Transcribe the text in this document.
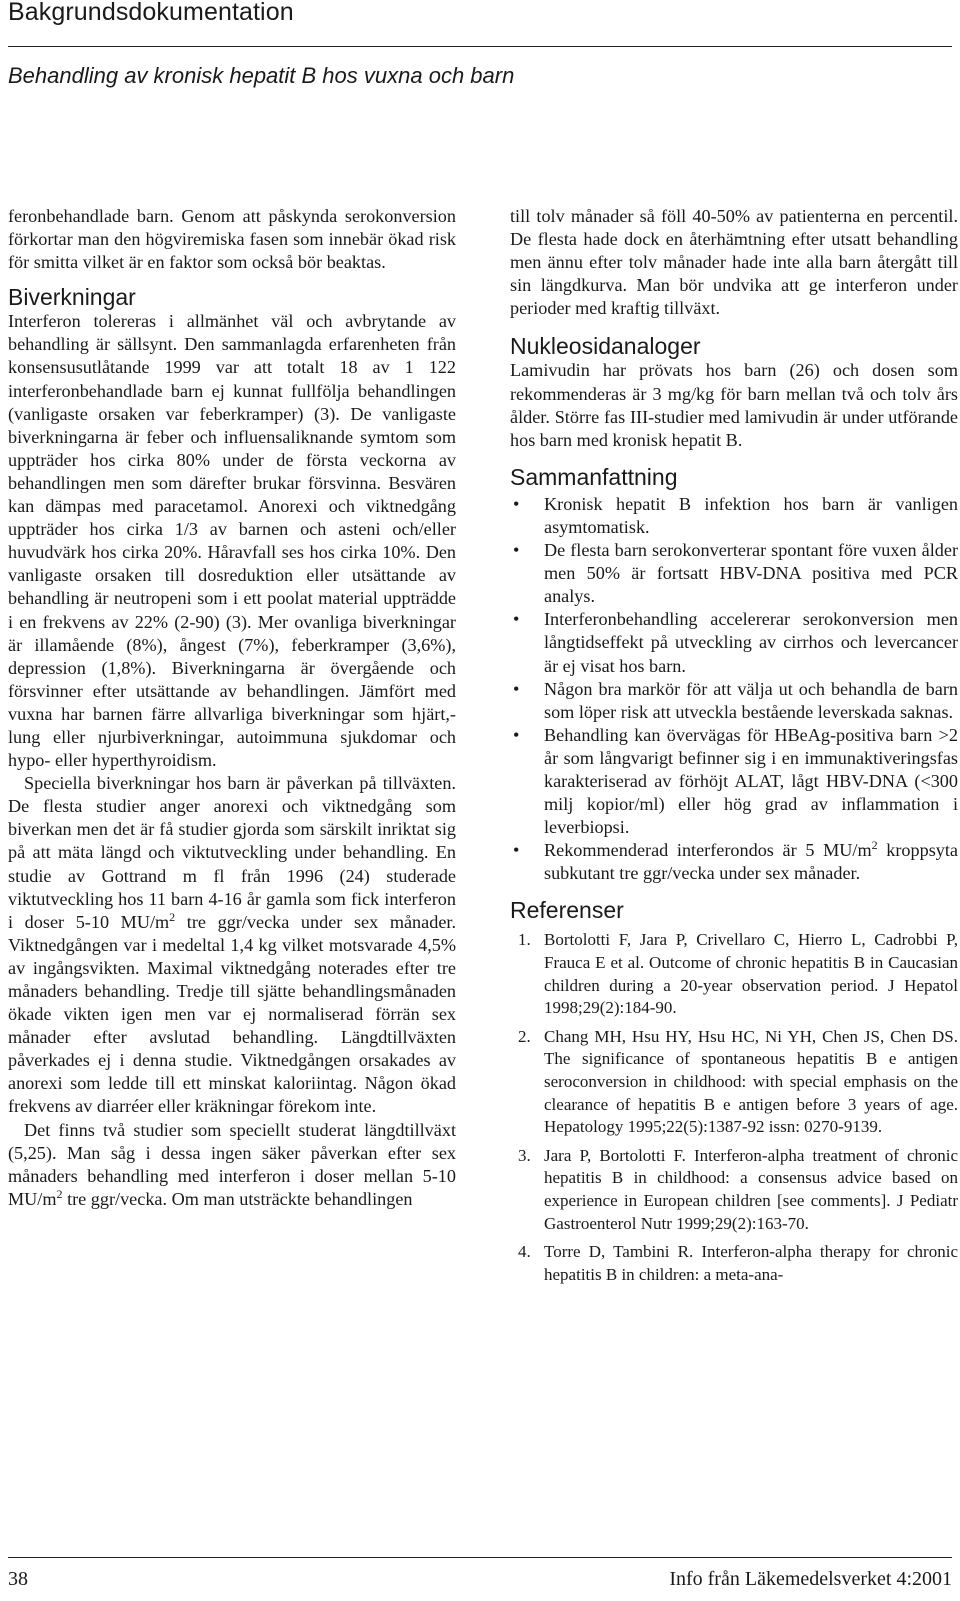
Bakgrundsdokumentation
Behandling av kronisk hepatit B hos vuxna och barn

feronbehandlade barn. Genom att påskynda serokonversion förkortar man den högviremiska fasen som innebär ökad risk för smitta vilket är en faktor som också bör beaktas.

Biverkningar

Interferon tolereras i allmänhet väl och avbrytande av behandling är sällsynt. Den sammanlagda erfarenheten från konsensusutlåtande 1999 var att totalt 18 av 1 122 interferonbehandlade barn ej kunnat fullfölja behandlingen (vanligaste orsaken var feberkramper) (3). De vanligaste biverkningarna är feber och influensaliknande symtom som uppträder hos cirka 80% under de första veckorna av behandlingen men som därefter brukar försvinna. Besvären kan dämpas med paracetamol. Anorexi och viktnedgång uppträder hos cirka 1/3 av barnen och asteni och/eller huvudvärk hos cirka 20%. Håravfall ses hos cirka 10%. Den vanligaste orsaken till dosreduktion eller utsättande av behandling är neutropeni som i ett poolat material uppträdde i en frekvens av 22% (2-90) (3). Mer ovanliga biverkningar är illamående (8%), ångest (7%), feberkramper (3,6%), depression (1,8%). Biverkningarna är övergående och försvinner efter utsättande av behandlingen. Jämfört med vuxna har barnen färre allvarliga biverkningar som hjärt,- lung eller njurbiverkningar, autoimmuna sjukdomar och hypo- eller hyperthyroidism.

Speciella biverkningar hos barn är påverkan på tillväxten. De flesta studier anger anorexi och viktnedgång som biverkan men det är få studier gjorda som särskilt inriktat sig på att mäta längd och viktutveckling under behandling. En studie av Gottrand m fl från 1996 (24) studerade viktutveckling hos 11 barn 4-16 år gamla som fick interferon i doser 5-10 $MU/m^2$ tre ggr/vecka under sex månader. Viktnedgången var i medeltal 1,4 kg vilket motsvarade 4,5% av ingångsvikten. Maximal viktnedgång noterades efter tre månaders behandling. Tredje till sjätte behandlingsmånaden ökade vikten igen men var ej normaliserad förrän sex månader efter avslutad behandling. Längdtillväxten påverkades ej i denna studie. Viktnedgången orsakades av anorexi som ledde till ett minskat kaloriintag. Någon ökad frekvens av diarréer eller kräkningar förekom inte.

Det finns två studier som speciellt studerat längdtillväxt (5,25). Man såg i dessa ingen säker påverkan efter sex månaders behandling med interferon i doser mellan 5-10 $MU/m^2$ tre ggr/vecka. Om man utsträckte behandlingen

till tolv månader så föll 40-50% av patienterna en percentil. De flesta hade dock en återhämtning efter utsatt behandling men ännu efter tolv månader hade inte alla barn återgått till sin längdkurva. Man bör undvika att ge interferon under perioder med kraftig tillväxt.

Nukleosidanaloger

Lamivudin har prövats hos barn (26) och dosen som rekommenderas är 3 mg/kg för barn mellan två och tolv års ålder. Större fas III-studier med lamivudin är under utförande hos barn med kronisk hepatit B.

Sammanfattning
• Kronisk hepatit B infektion hos barn är vanligen asymtomatisk.
• De flesta barn serokonverterar spontant före vuxen ålder men 50% är fortsatt HBV-DNA positiva med PCR analys.
• Interferonbehandling accelererar serokonversion men långtidseffekt på utveckling av cirrhos och levercancer är ej visat hos barn.
• Någon bra markör för att välja ut och behandla de barn som löper risk att utveckla bestående leverskada saknas.
• Behandling kan övervägas för HBeAg-positiva barn >2 år som långvarigt befinner sig i en immunaktiveringsfas karakteriserad av förhöjt ALAT, lågt HBV-DNA (<300 milj kopior/ml) eller hög grad av inflammation i leverbiopsi.
• Rekommenderad interferondos är 5 $MU/m^2$ kroppsyta subkutant tre ggr/vecka under sex månader.
Referenser
1. Bortolotti F, Jara P, Crivellaro C, Hierro L, Cadrobbi P, Frauca E et al. Outcome of chronic hepatitis B in Caucasian children during a 20-year observation period. J Hepatol 1998;29(2):184-90.
2. Chang MH, Hsu HY, Hsu HC, Ni YH, Chen JS, Chen DS. The significance of spontaneous hepatitis B e antigen seroconversion in childhood: with special emphasis on the clearance of hepatitis B e antigen before 3 years of age. Hepatology 1995;22(5):1387-92 issn: 0270-9139.
3. Jara P, Bortolotti F. Interferon-alpha treatment of chronic hepatitis B in childhood: a consensus advice based on experience in European children [see comments]. J Pediatr Gastroenterol Nutr 1999;29(2):163-70.
4. Torre D, Tambini R. Interferon-alpha therapy for chronic hepatitis B in children: a meta-ana-
38	Info från Läkemedelsverket 4:2001
